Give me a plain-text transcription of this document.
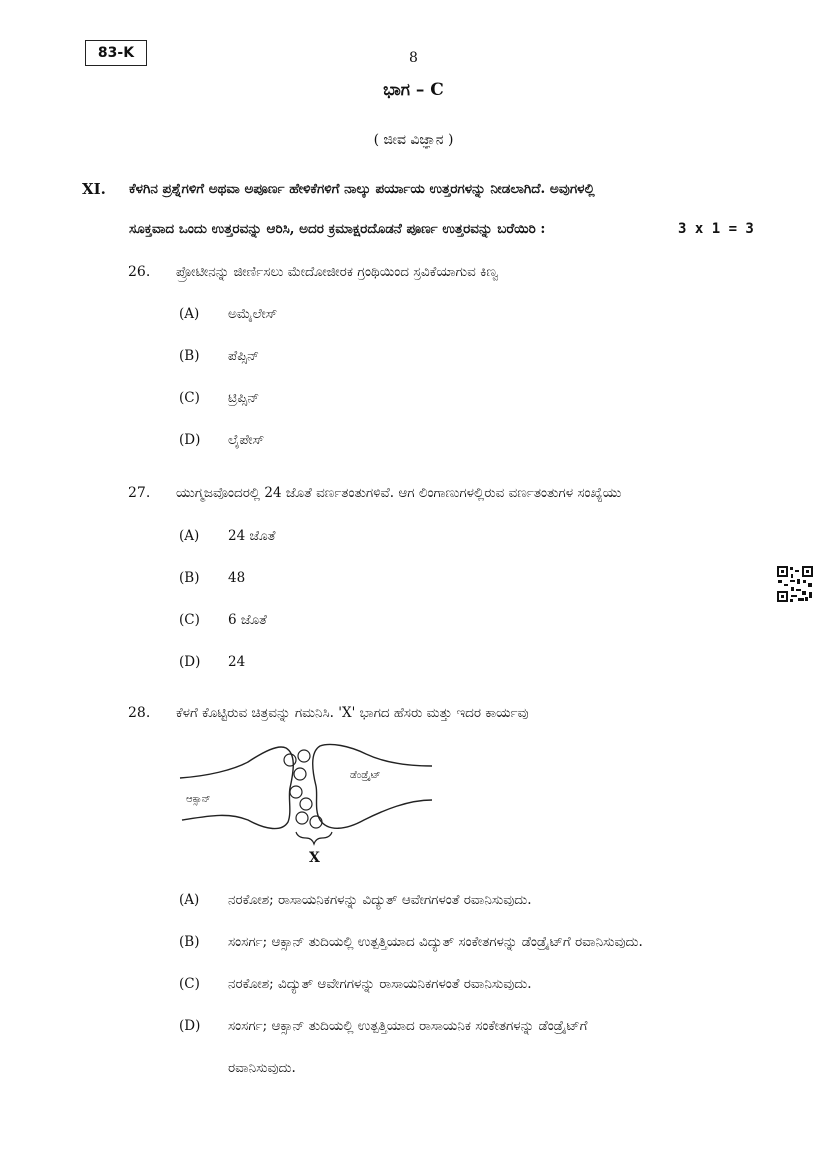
83-K	8
ಭಾಗ – C
( ಜೀವ ವಿಜ್ಞಾನ )
XI. ಕೆಳಗಿನ ಪ್ರಶ್ನೆಗಳಿಗೆ ಅಥವಾ ಅಪೂರ್ಣ ಹೇಳಿಕೆಗಳಿಗೆ ನಾಲ್ಕು ಪರ್ಯಾಯ ಉತ್ತರಗಳನ್ನು ನೀಡಲಾಗಿದೆ. ಅವುಗಳಲ್ಲಿ
ಸೂಕ್ತವಾದ ಒಂದು ಉತ್ತರವನ್ನು ಆರಿಸಿ, ಅದರ ಕ್ರಮಾಕ್ಷರದೊಡನೆ ಪೂರ್ಣ ಉತ್ತರವನ್ನು ಬರೆಯಿರಿ :	3 x 1 = 3
26. ಪ್ರೋಟೀನನ್ನು ಜೀರ್ಣಿಸಲು ಮೇದೋಜೀರಕ ಗ್ರಂಥಿಯಿಂದ ಸ್ರವಿಕೆಯಾಗುವ ಕಿಣ್ವ
(A) ಅಮೈಲೇಸ್
(B) ಪೆಪ್ಸಿನ್
(C) ಟ್ರಿಪ್ಸಿನ್
(D) ಲೈಪೇಸ್
27. ಯುಗ್ಮಜವೊಂದರಲ್ಲಿ 24 ಜೊತೆ ವರ್ಣತಂತುಗಳಿವೆ. ಆಗ ಲಿಂಗಾಣುಗಳಲ್ಲಿರುವ ವರ್ಣತಂತುಗಳ ಸಂಖ್ಯೆಯು
(A) 24 ಜೊತೆ
(B) 48
(C) 6 ಜೊತೆ
(D) 24
28. ಕೆಳಗೆ ಕೊಟ್ಟಿರುವ ಚಿತ್ರವನ್ನು ಗಮನಿಸಿ. 'X' ಭಾಗದ ಹೆಸರು ಮತ್ತು ಇದರ ಕಾರ್ಯವು
ಆಕ್ಸಾನ್
ಡೆಂಡ್ರೈಟ್
X
(A) ನರಕೋಶ; ರಾಸಾಯನಿಕಗಳನ್ನು ವಿದ್ಯುತ್ ಆವೇಗಗಳಂತೆ ರವಾನಿಸುವುದು.
(B) ಸಂಸರ್ಗ; ಆಕ್ಸಾನ್ ತುದಿಯಲ್ಲಿ ಉತ್ಪತ್ತಿಯಾದ ವಿದ್ಯುತ್ ಸಂಕೇತಗಳನ್ನು ಡೆಂಡ್ರೈಟ್‌ಗೆ ರವಾನಿಸುವುದು.
(C) ನರಕೋಶ; ವಿದ್ಯುತ್ ಆವೇಗಗಳನ್ನು ರಾಸಾಯನಿಕಗಳಂತೆ ರವಾನಿಸುವುದು.
(D) ಸಂಸರ್ಗ; ಆಕ್ಸಾನ್ ತುದಿಯಲ್ಲಿ ಉತ್ಪತ್ತಿಯಾದ ರಾಸಾಯನಿಕ ಸಂಕೇತಗಳನ್ನು ಡೆಂಡ್ರೈಟ್‌ಗೆ
ರವಾನಿಸುವುದು.
